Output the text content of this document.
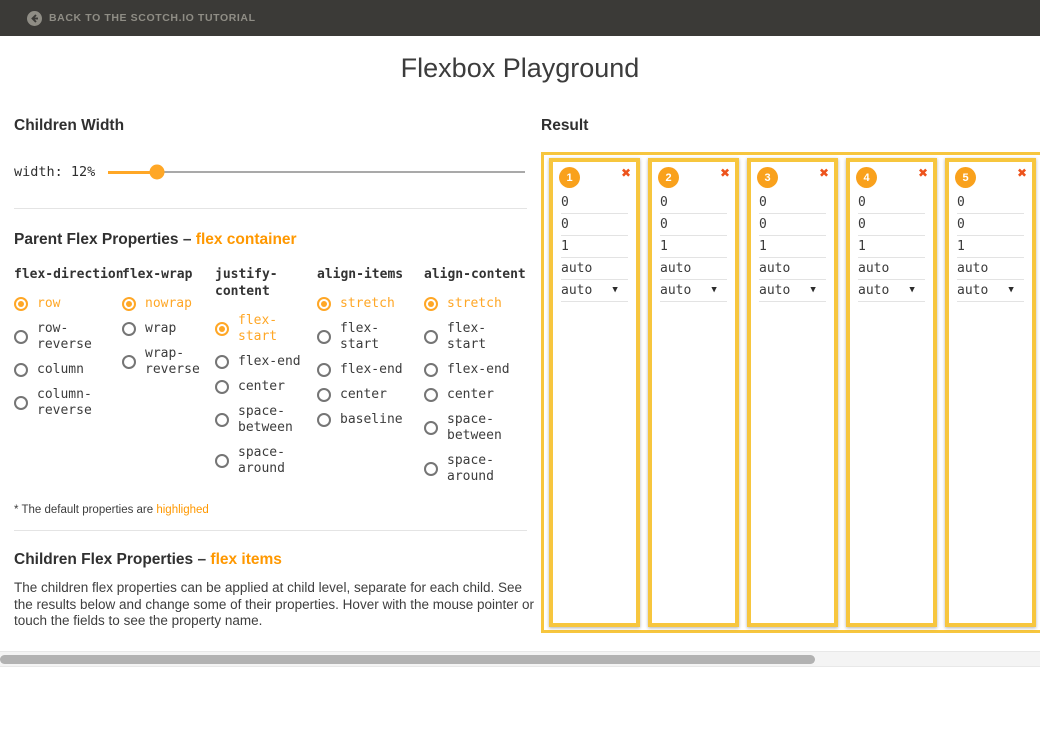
BACK TO THE SCOTCH.IO TUTORIAL
Flexbox Playground
Children Width
width: 12%
Parent Flex Properties – flex container
flex-direction
row
row-reverse
column
column-reverse
flex-wrap
nowrap
wrap
wrap-reverse
justify-content
flex-start
flex-end
center
space-between
space-around
align-items
stretch
flex-start
flex-end
center
baseline
align-content
stretch
flex-start
flex-end
center
space-between
space-around
* The default properties are highlighed
Children Flex Properties – flex items

The children flex properties can be applied at child level, separate for each child. See the results below and change some of their properties. Hover with the mouse pointer or touch the fields to see the property name.

Result
1	✖
0
0
1
auto
auto ▼
2	✖
0
0
1
auto
auto ▼
3	✖
0
0
1
auto
auto ▼
4	✖
0
0
1
auto
auto ▼
5	✖
0
0
1
auto
auto ▼
